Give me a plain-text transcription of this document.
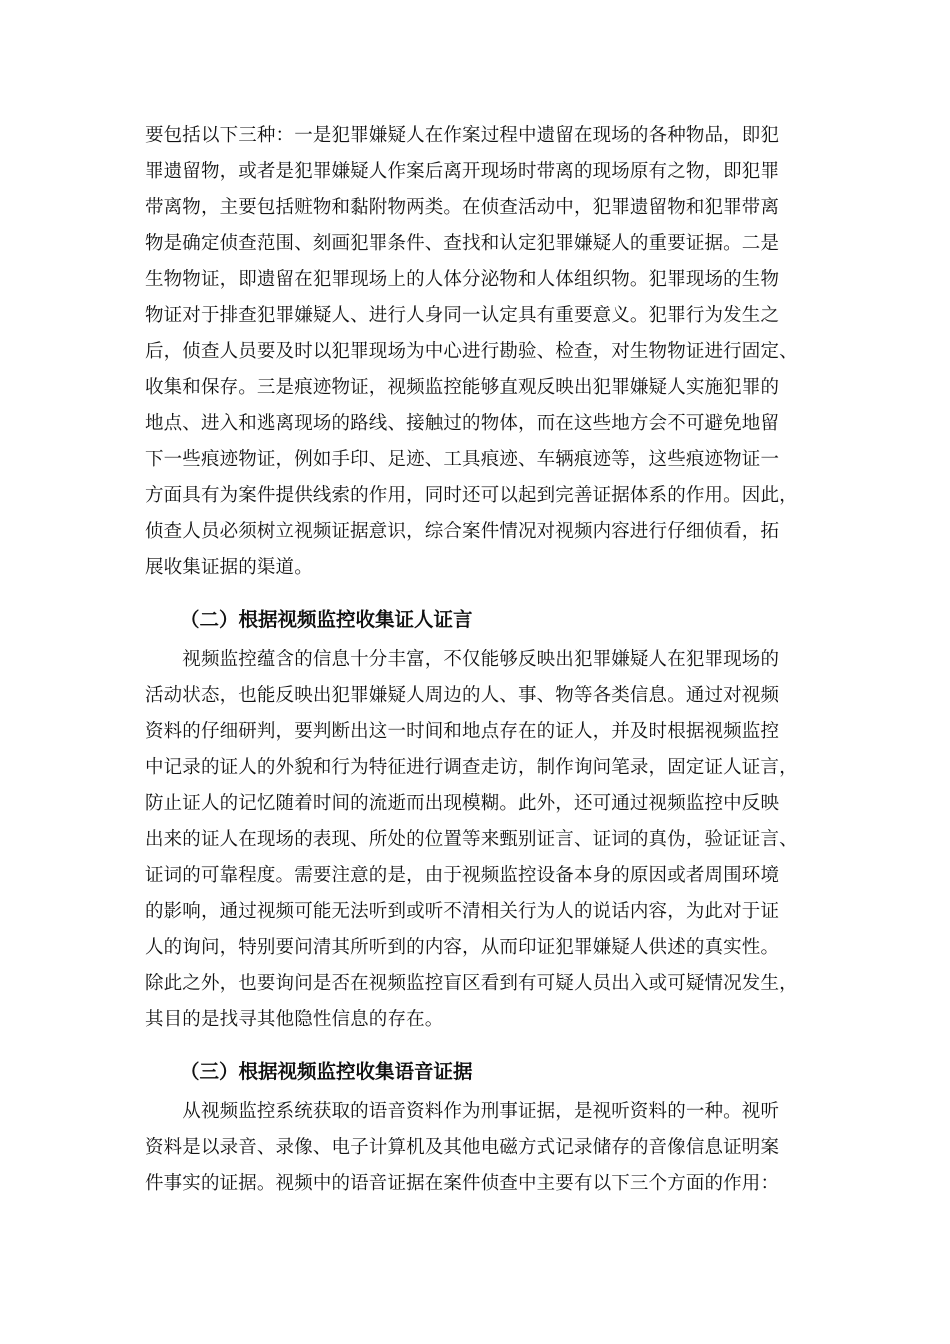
要包括以下三种：一是犯罪嫌疑人在作案过程中遗留在现场的各种物品，即犯
罪遗留物，或者是犯罪嫌疑人作案后离开现场时带离的现场原有之物，即犯罪
带离物，主要包括赃物和黏附物两类。在侦查活动中，犯罪遗留物和犯罪带离
物是确定侦查范围、刻画犯罪条件、查找和认定犯罪嫌疑人的重要证据。二是
生物物证，即遗留在犯罪现场上的人体分泌物和人体组织物。犯罪现场的生物
物证对于排查犯罪嫌疑人、进行人身同一认定具有重要意义。犯罪行为发生之
后，侦查人员要及时以犯罪现场为中心进行勘验、检查，对生物物证进行固定、
收集和保存。三是痕迹物证，视频监控能够直观反映出犯罪嫌疑人实施犯罪的
地点、进入和逃离现场的路线、接触过的物体，而在这些地方会不可避免地留
下一些痕迹物证，例如手印、足迹、工具痕迹、车辆痕迹等，这些痕迹物证一
方面具有为案件提供线索的作用，同时还可以起到完善证据体系的作用。因此，
侦查人员必须树立视频证据意识，综合案件情况对视频内容进行仔细侦看，拓
展收集证据的渠道。
（二）根据视频监控收集证人证言
　　视频监控蕴含的信息十分丰富，不仅能够反映出犯罪嫌疑人在犯罪现场的
活动状态，也能反映出犯罪嫌疑人周边的人、事、物等各类信息。通过对视频
资料的仔细研判，要判断出这一时间和地点存在的证人，并及时根据视频监控
中记录的证人的外貌和行为特征进行调查走访，制作询问笔录，固定证人证言，
防止证人的记忆随着时间的流逝而出现模糊。此外，还可通过视频监控中反映
出来的证人在现场的表现、所处的位置等来甄别证言、证词的真伪，验证证言、
证词的可靠程度。需要注意的是，由于视频监控设备本身的原因或者周围环境
的影响，通过视频可能无法听到或听不清相关行为人的说话内容，为此对于证
人的询问，特别要问清其所听到的内容，从而印证犯罪嫌疑人供述的真实性。
除此之外，也要询问是否在视频监控盲区看到有可疑人员出入或可疑情况发生，
其目的是找寻其他隐性信息的存在。
（三）根据视频监控收集语音证据
　　从视频监控系统获取的语音资料作为刑事证据，是视听资料的一种。视听
资料是以录音、录像、电子计算机及其他电磁方式记录储存的音像信息证明案
件事实的证据。视频中的语音证据在案件侦查中主要有以下三个方面的作用：
